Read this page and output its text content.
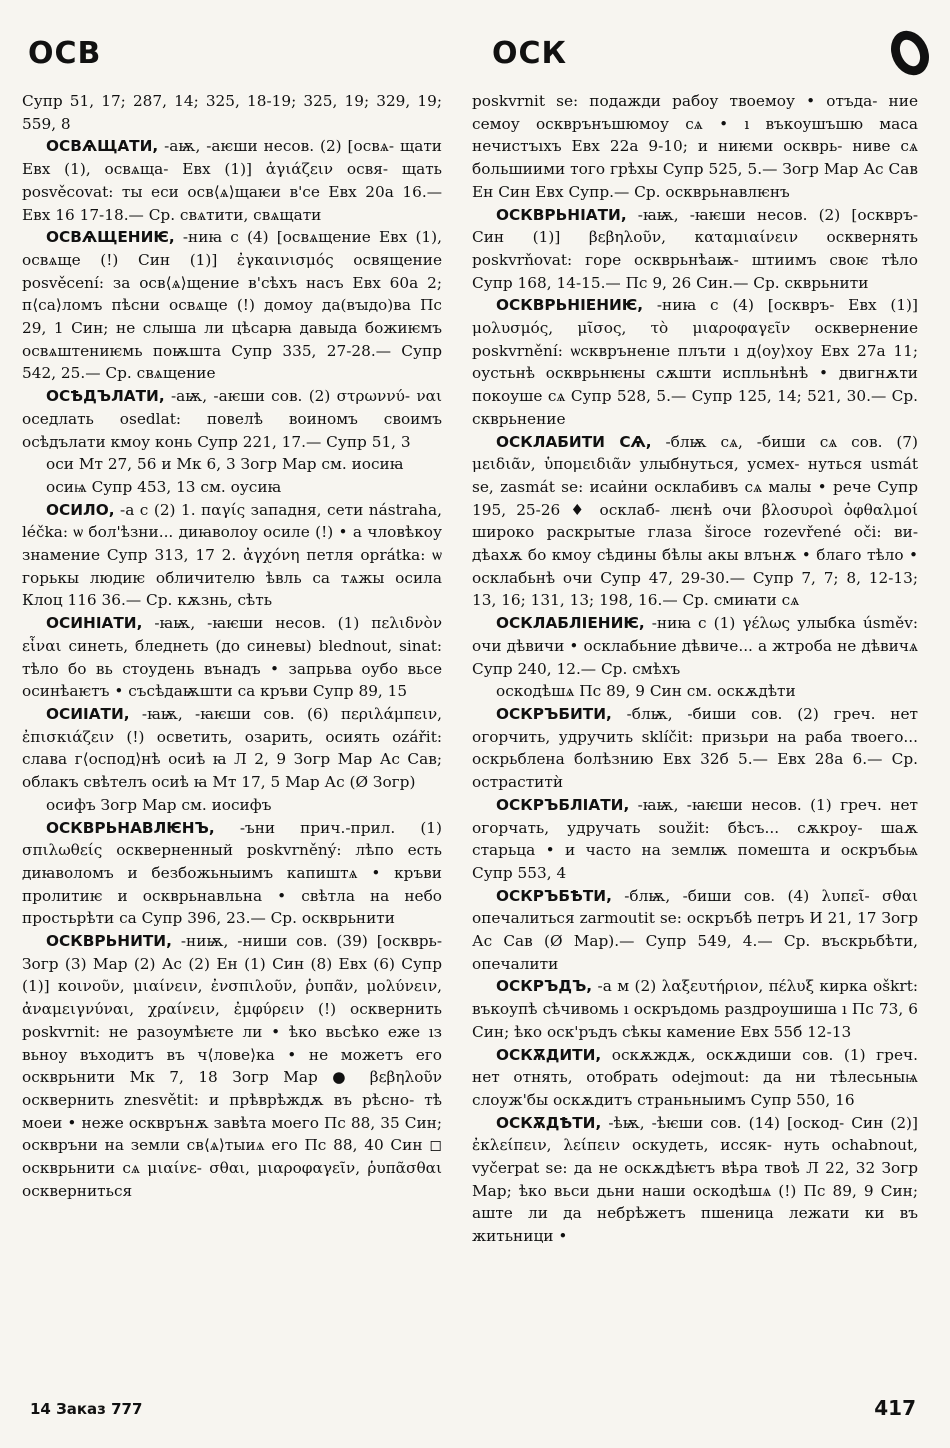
ОСВ	ОСК

Супр 51, 17; 287, 14; 325, 18-19; 325, 19; 329, 19; 559, 8

ОСВѦЩАТИ, -аѭ, -аѥши несов. (2) [освѧ- щати Евх (1), освѧща- Евх (1)] ἁγιάζειν освя- щать posvěcovat: ты еси осв⟨ѧ⟩щаѥи в'се Евх 20а 16.— Евх 16 17-18.— Ср. свѧтити, свѧщати

ОСВѦЩЕНИѤ, -ниꙗ с (4) [освѧщение Евх (1), освѧще (!) Син (1)] ἐγκαινισμός освящение posvěcení: за осв⟨ѧ⟩щение в'сѣхъ насъ Евх 60а 2; п⟨са⟩ломъ пѣсни освѧще (!) домоу да(вꙑдо)ва Пс 29, 1 Син; не слыша ли цѣсарꙗ давыда божиѥмъ освѧштениѥмь поѭшта Супр 335, 27-28.— Супр 542, 25.— Ср. свѧщение

ОСѢДЪЛАТИ, -аѭ, -аѥши сов. (2) στρωννύ- ναι оседлать osedlat: повелѣ воиномъ своимъ осѣдълати кмоу конь Супр 221, 17.— Супр 51, 3

оси Мт 27, 56 и Мк 6, 3 Зогр Мар см. иосиꙗ

осиѩ Супр 453, 13 см. оусиꙗ

ОСИЛО, -а с (2) 1. παγίς западня, сети nástraha, léčka: ѡ бол'ѣзни... диꙗволоу осиле (!) • а чловѣкоу знамение Супр 313, 17 2. ἀγχόνη петля oprátka: ѡ горькы людиѥ обличителю ѣвль са тѧжы осила Клоц 116 36.— Ср. кѫзнь, сѣть

ОСИНІАТИ, -ꙗѭ, -ꙗѥши несов. (1) πελιδνὸν εἶναι синеть, бледнеть (до синевы) blednout, sinat: тѣло бо вь стоудень вънадъ • запрьва оубо вьсе осинѣаѥтъ • съсѣдаѭшти са кръви Супр 89, 15

ОСИІАТИ, -ꙗѭ, -ꙗѥши сов. (6) περιλάμπειν, ἐπισκιάζειν (!) осветить, озарить, осиять ozářit: слава г⟨оспод⟩нѣ осиѣ ꙗ Л 2, 9 Зогр Мар Ас Сав; облакъ свѣтелъ осиѣ ꙗ Мт 17, 5 Мар Ас (Ø Зогр)

осифъ Зогр Мар см. иосифъ

ОСКВРЬНАВЛѤНЪ, -ъни прич.-прил. (1) σπιλωθείς оскверненный poskvrněný: лѣпо есть диꙗволомъ и безбожьныимъ капиштѧ • кръви пролитиѥ и оскврьнавльна • свѣтла на небо простьрѣти са Супр 396, 23.— Ср. оскврьнити

ОСКВРЬНИТИ, -ниѭ, -ниши сов. (39) [оскврь- Зогр (3) Мар (2) Ас (2) Ен (1) Син (8) Евх (6) Супр (1)] κοινοῦν, μιαίνειν, ἐνσπιλοῦν, ῥυπᾶν, μολύνειν, ἀναμειγνύναι, χραίνειν, ἐμφύρειν (!) осквернить poskvrnit: не разоумѣѥте ли • ѣко вьсѣко еже ıз вьноу въходитъ въ ч⟨лове⟩ка • не можетъ его оскврьнити Мк 7, 18 Зогр Мар ● βεβηλοῦν осквернить znesvětit: и прѣврѣждѫ въ рѣсно- тѣ моеи • неже оскврънѫ завѣта моего Пс 88, 35 Син; осквръни на земли св⟨ѧ⟩тыиѧ его Пс 88, 40 Син ◻ оскврьнити сѧ μιαίνε- σθαι, μιαροφαγεῖν, ῥυπᾶσθαι оскверниться

poskvrnit se: подажди рабоу твоемоу • отъда- ние семоу оскврънъшюмоу сѧ • ı въкоушъшю маса нечистъıхъ Евх 22а 9-10; и ниѥми оскврь- ниве сѧ большиими того грѣхы Супр 525, 5.— Зогр Мар Ас Сав Ен Син Евх Супр.— Ср. оскврьнавлѥнъ

ОСКВРЬНІАТИ, -ꙗѭ, -ꙗѥши несов. (2) [осквръ- Син (1)] βεβηλοῦν, καταμιαίνειν осквернять poskvrňovat: горе оскврьнѣаѭ- штиимъ своѥ тѣло Супр 168, 14-15.— Пс 9, 26 Син.— Ср. скврьнити

ОСКВРЬНІЕНИѤ, -ниꙗ с (4) [осквръ- Евх (1)] μολυσμός, μῖσος, τὸ μιαροφαγεῖν осквернение poskvrnění: ѡсквръненıе плъти ı д⟨оу⟩хоу Евх 27а 11; оустьнѣ оскврьнѥны сѫшти испльнѣнѣ • двигнѫти покоуше сѧ Супр 528, 5.— Супр 125, 14; 521, 30.— Ср. скврьнение

ОСКЛАБИТИ СѦ, -блѭ сѧ, -биши сѧ сов. (7) μειδιᾶν, ὑπομειδιᾶν улыбнуться, усмех- нуться usmát se, zasmát se: исаи̇ни осклабивъ сѧ малы • рече Супр 195, 25-26 ♦ осклаб- лѥнѣ очи βλοσυροὶ ὀφθαλμοί широко раскрытые глаза široce rozevřené oči: ви- дѣахѫ бо кмоу сѣдины бѣлы акы влънѫ • благо тѣло • осклабьнѣ очи Супр 47, 29-30.— Супр 7, 7; 8, 12-13; 13, 16; 131, 13; 198, 16.— Ср. смиꙗти сѧ

ОСКЛАБЛІЕНИѤ, -ниꙗ с (1) γέλως улыбка úsměv: очи дѣвичи • осклабьние дѣвиче... а жтроба не дѣвичѧ Супр 240, 12.— Ср. смѣхъ

оскодѣшѧ Пс 89, 9 Син см. оскѫдѣти

ОСКРЪБИТИ, -блѭ, -биши сов. (2) греч. нет огорчить, удручить sklíčit: призьри на раба твоего... оскрьблена болѣзнию Евх 32б 5.— Евх 28а 6.— Ср. остраститѝ

ОСКРЪБЛІАТИ, -ꙗѭ, -ꙗѥши несов. (1) греч. нет огорчать, удручать soužit: бѣсъ... сѫкроу- шаѫ старьца • и часто на землѭ помешта и оскръбьѩ Супр 553, 4

ОСКРЪБѢТИ, -блѭ, -биши сов. (4) λυπεῖ- σθαι опечалиться zarmoutit se: оскръбѣ петръ И 21, 17 Зогр Ас Сав (Ø Мар).— Супр 549, 4.— Ср. въскрьбѣти, опечалити

ОСКРЪДЪ, -а м (2) λαξευτήριον, πέλυξ кирка oškrt: въкоупѣ сѣчивомь ı оскръдомь раздроушиша ı Пс 73, 6 Син; ѣко оск'ръдъ сѣкы камение Евх 55б 12-13

ОСКѪДИТИ, оскѫждѫ, оскѫдиши сов. (1) греч. нет отнять, отобрать odejmout: да ни тѣлесьныѩ слоуж'бы оскѫдитъ страньныимъ Супр 550, 16

ОСКѪДѢТИ, -ѣѭ, -ѣѥши сов. (14) [оскод- Син (2)] ἐκλείπειν, λείπειν оскудеть, иссяк- нуть ochabnout, vyčerpat se: да не оскѫдѣѥтъ вѣра твоѣ Л 22, 32 Зогр Мар; ѣко вьси дьни наши оскодѣшѧ (!) Пс 89, 9 Син; аште ли да небрѣжетъ пшеница лежати ки въ житьници •

14 Заказ 777	417
